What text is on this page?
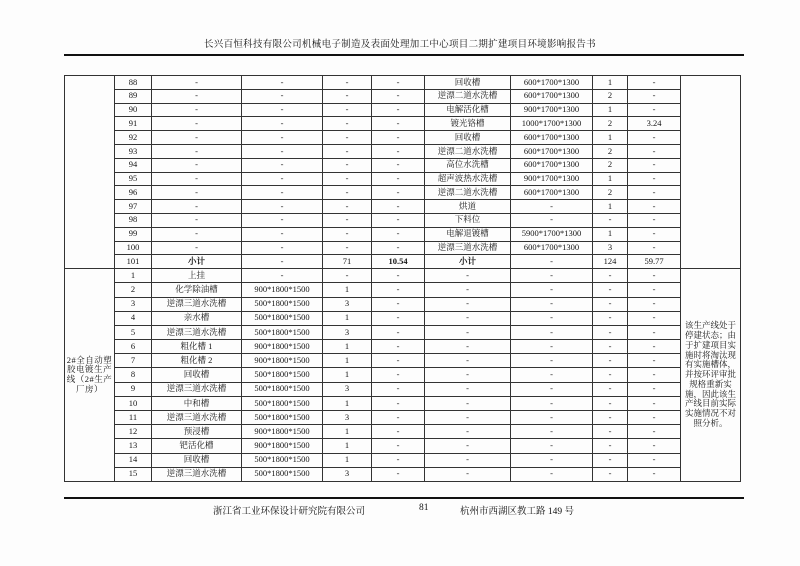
长兴百恒科技有限公司机械电子制造及表面处理加工中心项目二期扩建项目环境影响报告书
	88	-	-	-	-	回收槽	600*1700*1300	1	-	
	89	-	-	-	-	逆漂二道水洗槽	600*1700*1300	2	-	
	90	-	-	-	-	电解活化槽	900*1700*1300	1	-	
	91	-	-	-	-	镀光铬槽	1000*1700*1300	2	3.24	
	92	-	-	-	-	回收槽	600*1700*1300	1	-	
	93	-	-	-	-	逆漂二道水洗槽	600*1700*1300	2	-	
	94	-	-	-	-	高位水洗槽	600*1700*1300	2	-	
	95	-	-	-	-	超声波热水洗槽	900*1700*1300	1	-	
	96	-	-	-	-	逆漂二道水洗槽	600*1700*1300	2	-	
	97	-	-	-	-	烘道	-	1	-	
	98	-	-	-	-	下料位	-	-	-	
	99	-	-	-	-	电解退镀槽	5900*1700*1300	1	-	
	100	-	-	-	-	逆漂三道水洗槽	600*1700*1300	3	-	
	101	小计	-	71	10.54	小计	-	124	59.77	
2#全自动塑胶电镀生产线（2#生产厂房）	1	上挂	-	-	-	-	-	-	-	该生产线处于停建状态；由于扩建项目实施时将淘汰现有实施槽体，并按环评审批规格重新实施，因此该生产线目前实际实施情况不对照分析。
	2	化学除油槽	900*1800*1500	1	-	-	-	-	-	
	3	逆漂三道水洗槽	500*1800*1500	3	-	-	-	-	-	
	4	亲水槽	500*1800*1500	1	-	-	-	-	-	
	5	逆漂三道水洗槽	500*1800*1500	3	-	-	-	-	-	
	6	粗化槽 1	900*1800*1500	1	-	-	-	-	-	
	7	粗化槽 2	900*1800*1500	1	-	-	-	-	-	
	8	回收槽	500*1800*1500	1	-	-	-	-	-	
	9	逆漂三道水洗槽	500*1800*1500	3	-	-	-	-	-	
	10	中和槽	500*1800*1500	1	-	-	-	-	-	
	11	逆漂三道水洗槽	500*1800*1500	3	-	-	-	-	-	
	12	预浸槽	900*1800*1500	1	-	-	-	-	-	
	13	钯活化槽	900*1800*1500	1	-	-	-	-	-	
	14	回收槽	500*1800*1500	1	-	-	-	-	-	
	15	逆漂三道水洗槽	500*1800*1500	3	-	-	-	-	-	
浙江省工业环保设计研究院有限公司	81	杭州市西湖区教工路 149 号
